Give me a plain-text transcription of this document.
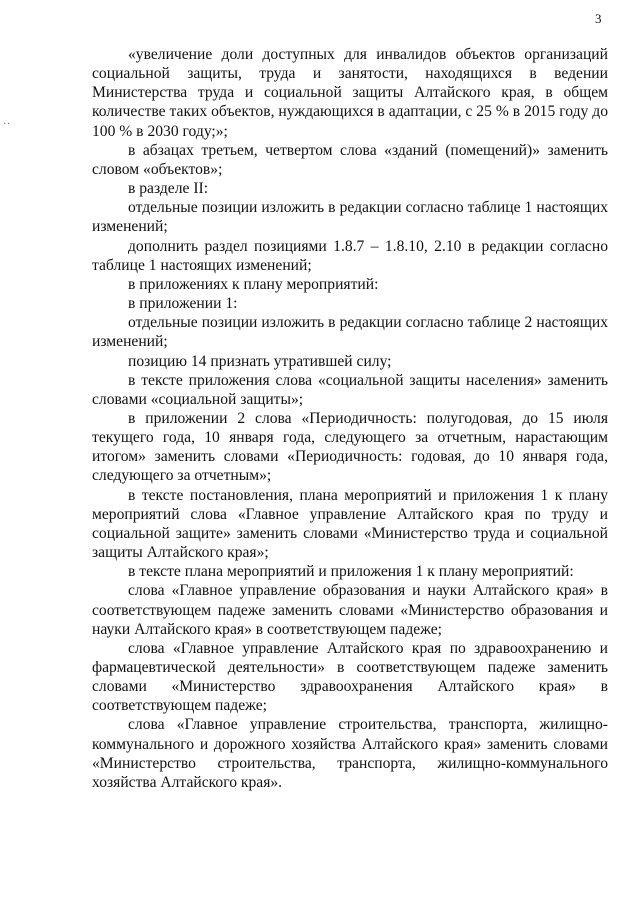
3
· ·

«увеличение доли доступных для инвалидов объектов организаций социальной защиты, труда и занятости, находящихся в ведении Министерства труда и социальной защиты Алтайского края, в общем количестве таких объектов, нуждающихся в адаптации, с 25 % в 2015 году до 100 % в 2030 году;»;

в абзацах третьем, четвертом слова «зданий (помещений)» заменить словом «объектов»;

в разделе II:

отдельные позиции изложить в редакции согласно таблице 1 настоящих изменений;

дополнить раздел позициями 1.8.7 – 1.8.10, 2.10 в редакции согласно таблице 1 настоящих изменений;

в приложениях к плану мероприятий:

в приложении 1:

отдельные позиции изложить в редакции согласно таблице 2 настоящих изменений;

позицию 14 признать утратившей силу;

в тексте приложения слова «социальной защиты населения» заменить словами «социальной защиты»;

в приложении 2 слова «Периодичность: полугодовая, до 15 июля текущего года, 10 января года, следующего за отчетным, нарастающим итогом» заменить словами «Периодичность: годовая, до 10 января года, следующего за отчетным»;

в тексте постановления, плана мероприятий и приложения 1 к плану мероприятий слова «Главное управление Алтайского края по труду и социальной защите» заменить словами «Министерство труда и социальной защиты Алтайского края»;

в тексте плана мероприятий и приложения 1 к плану мероприятий:

слова «Главное управление образования и науки Алтайского края» в соответствующем падеже заменить словами «Министерство образования и науки Алтайского края» в соответствующем падеже;

слова «Главное управление Алтайского края по здравоохранению и фармацевтической деятельности» в соответствующем падеже заменить словами «Министерство здравоохранения Алтайского края» в соответствующем падеже;

слова «Главное управление строительства, транспорта, жилищно-коммунального и дорожного хозяйства Алтайского края» заменить словами «Министерство строительства, транспорта, жилищно-коммунального хозяйства Алтайского края».
